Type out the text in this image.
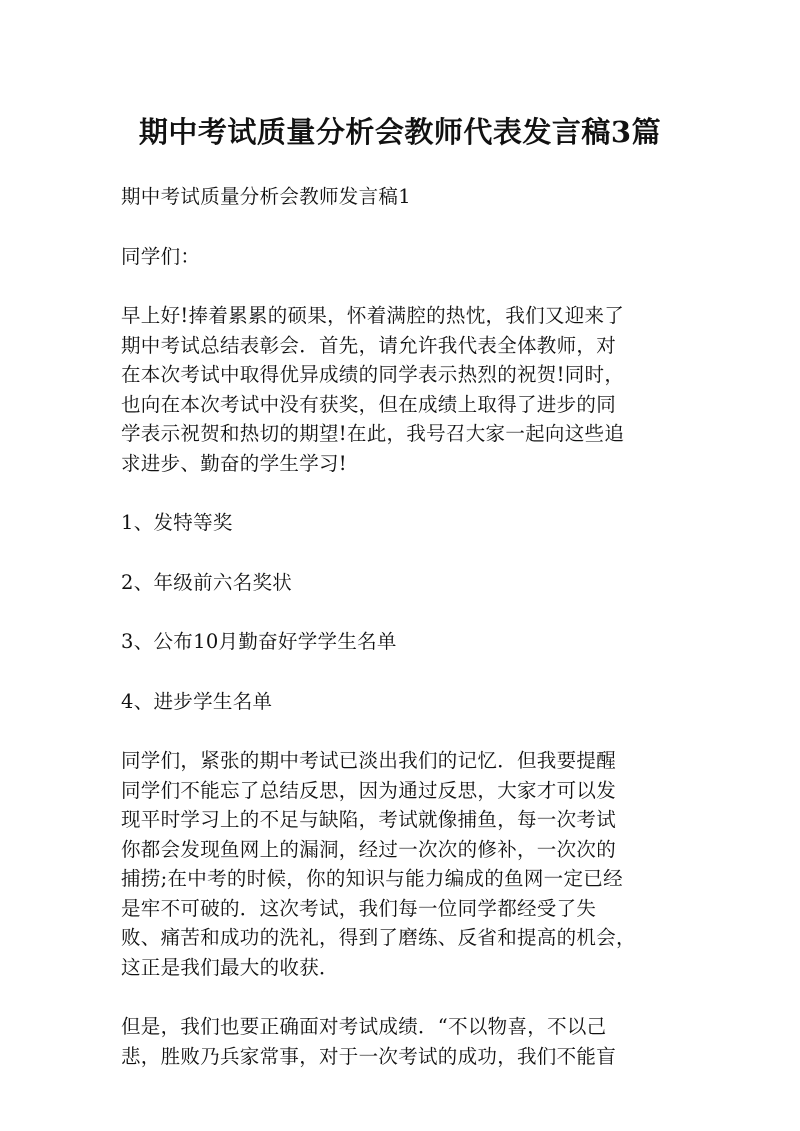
期中考试质量分析会教师代表发言稿3篇

期中考试质量分析会教师发言稿1

同学们：

早上好!捧着累累的硕果，怀着满腔的热忱，我们又迎来了
期中考试总结表彰会．首先，请允许我代表全体教师，对
在本次考试中取得优异成绩的同学表示热烈的祝贺!同时，
也向在本次考试中没有获奖，但在成绩上取得了进步的同
学表示祝贺和热切的期望!在此，我号召大家一起向这些追
求进步、勤奋的学生学习!

1、发特等奖

2、年级前六名奖状

3、公布10月勤奋好学学生名单

4、进步学生名单

同学们，紧张的期中考试已淡出我们的记忆．但我要提醒
同学们不能忘了总结反思，因为通过反思，大家才可以发
现平时学习上的不足与缺陷，考试就像捕鱼，每一次考试
你都会发现鱼网上的漏洞，经过一次次的修补，一次次的
捕捞;在中考的时候，你的知识与能力编成的鱼网一定已经
是牢不可破的．这次考试，我们每一位同学都经受了失
败、痛苦和成功的洗礼，得到了磨练、反省和提高的机会，
这正是我们最大的收获．

但是，我们也要正确面对考试成绩．“不以物喜，不以己
悲，胜败乃兵家常事，对于一次考试的成功，我们不能盲
